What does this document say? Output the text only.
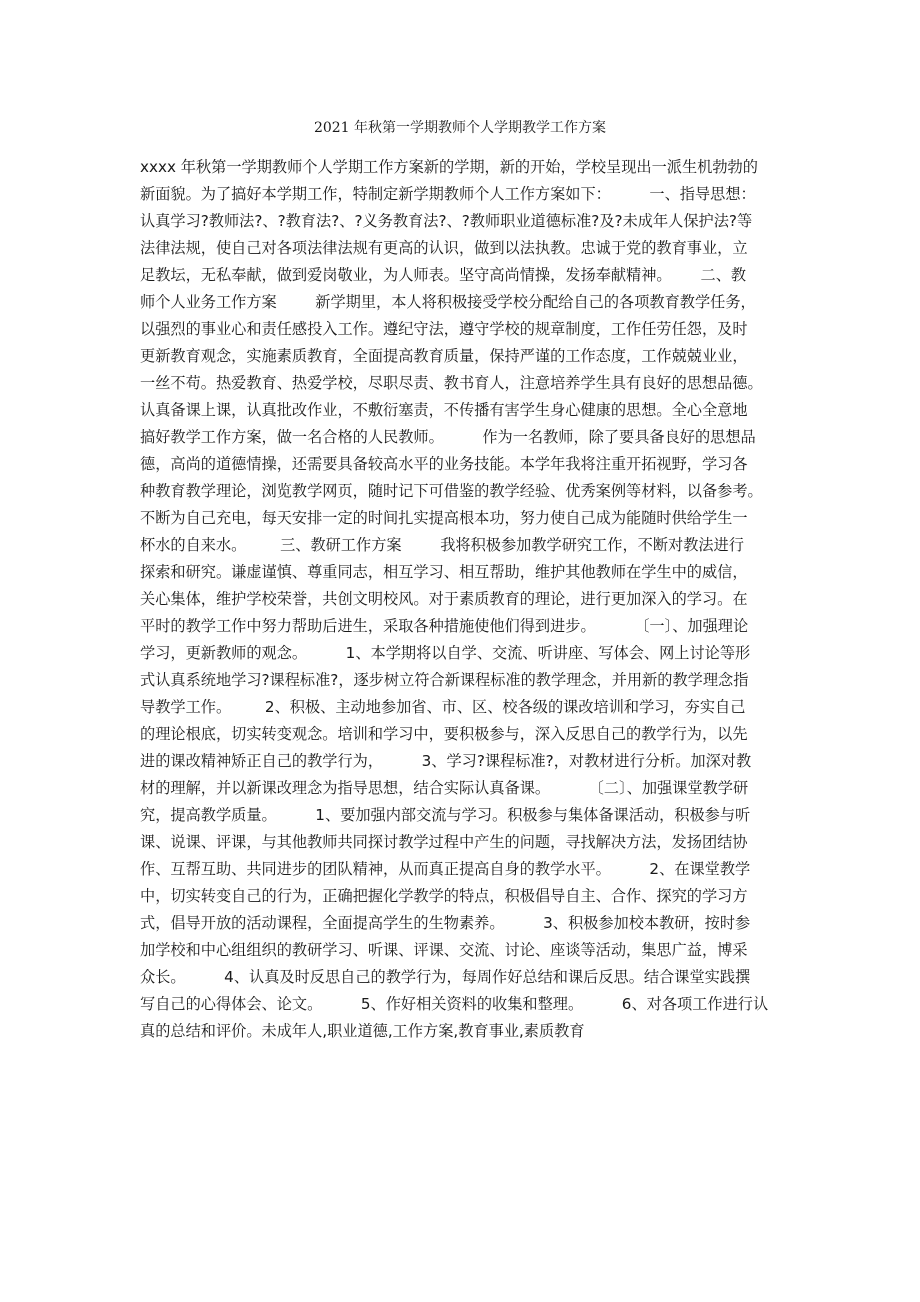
2021 年秋第一学期教师个人学期教学工作方案
xxxx 年秋第一学期教师个人学期工作方案新的学期，新的开始，学校呈现出一派生机勃勃的
新面貌。为了搞好本学期工作，特制定新学期教师个人工作方案如下：        一、指导思想：
认真学习?教师法?、?教育法?、?义务教育法?、?教师职业道德标准?及?未成年人保护法?等
法律法规，使自己对各项法律法规有更高的认识，做到以法执教。忠诚于党的教育事业，立
足教坛，无私奉献，做到爱岗敬业，为人师表。坚守高尚情操，发扬奉献精神。      二、教
师个人业务工作方案        新学期里，本人将积极接受学校分配给自己的各项教育教学任务，
以强烈的事业心和责任感投入工作。遵纪守法，遵守学校的规章制度，工作任劳任怨，及时
更新教育观念，实施素质教育，全面提高教育质量，保持严谨的工作态度，工作兢兢业业，
一丝不苟。热爱教育、热爱学校，尽职尽责、教书育人，注意培养学生具有良好的思想品德。
认真备课上课，认真批改作业，不敷衍塞责，不传播有害学生身心健康的思想。全心全意地
搞好教学工作方案，做一名合格的人民教师。        作为一名教师，除了要具备良好的思想品
德，高尚的道德情操，还需要具备较高水平的业务技能。本学年我将注重开拓视野，学习各
种教育教学理论，浏览教学网页，随时记下可借鉴的教学经验、优秀案例等材料，以备参考。
不断为自己充电，每天安排一定的时间扎实提高根本功，努力使自己成为能随时供给学生一
杯水的自来水。       三、教研工作方案        我将积极参加教学研究工作，不断对教法进行
探索和研究。谦虚谨慎、尊重同志，相互学习、相互帮助，维护其他教师在学生中的威信，
关心集体，维护学校荣誉，共创文明校风。对于素质教育的理论，进行更加深入的学习。在
平时的教学工作中努力帮助后进生，采取各种措施使他们得到进步。        〔一〕、加强理论
学习，更新教师的观念。        1、本学期将以自学、交流、听讲座、写体会、网上讨论等形
式认真系统地学习?课程标准?，逐步树立符合新课程标准的教学理念，并用新的教学理念指
导教学工作。       2、积极、主动地参加省、市、区、校各级的课改培训和学习，夯实自己
的理论根底，切实转变观念。培训和学习中，要积极参与，深入反思自己的教学行为，以先
进的课改精神矫正自己的教学行为，        3、学习?课程标准?，对教材进行分析。加深对教
材的理解，并以新课改理念为指导思想，结合实际认真备课。        〔二〕、加强课堂教学研
究，提高教学质量。        1、要加强内部交流与学习。积极参与集体备课活动，积极参与听
课、说课、评课，与其他教师共同探讨教学过程中产生的问题，寻找解决方法，发扬团结协
作、互帮互助、共同进步的团队精神，从而真正提高自身的教学水平。        2、在课堂教学
中，切实转变自己的行为，正确把握化学教学的特点，积极倡导自主、合作、探究的学习方
式，倡导开放的活动课程，全面提高学生的生物素养。        3、积极参加校本教研，按时参
加学校和中心组组织的教研学习、听课、评课、交流、讨论、座谈等活动，集思广益，博采
众长。        4、认真及时反思自己的教学行为，每周作好总结和课后反思。结合课堂实践撰
写自己的心得体会、论文。        5、作好相关资料的收集和整理。        6、对各项工作进行认
真的总结和评价。未成年人,职业道德,工作方案,教育事业,素质教育
